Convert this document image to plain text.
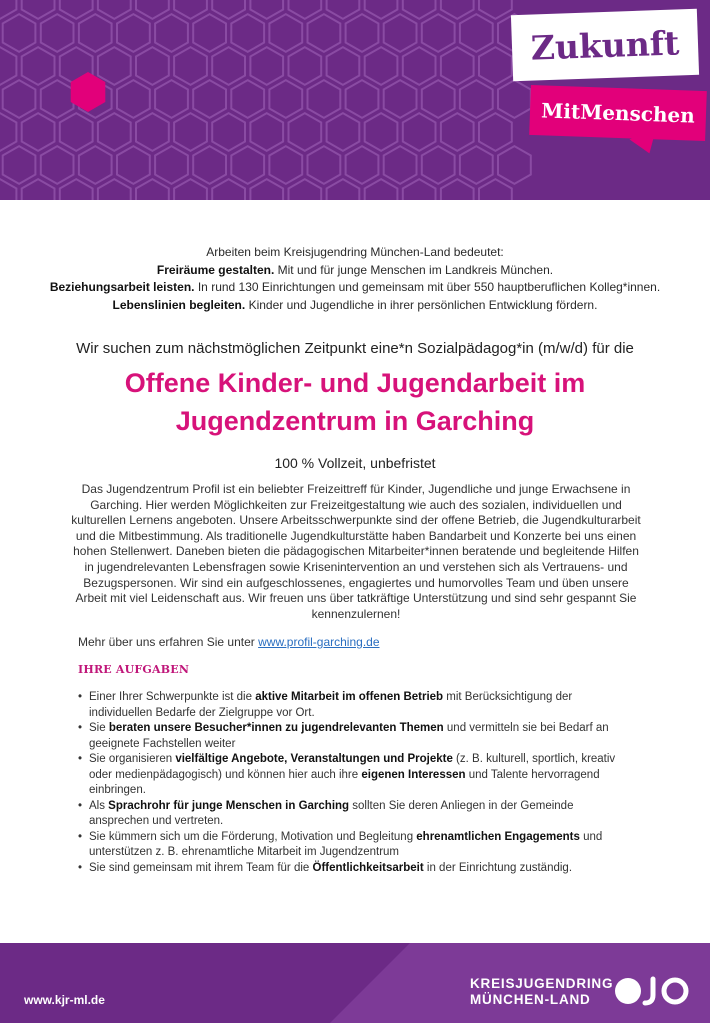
Zukunft
MitMenschen
Arbeiten beim Kreisjugendring München-Land bedeutet:
Freiräume gestalten. Mit und für junge Menschen im Landkreis München.
Beziehungsarbeit leisten. In rund 130 Einrichtungen und gemeinsam mit über 550 hauptberuflichen Kolleg*innen.
Lebenslinien begleiten. Kinder und Jugendliche in ihrer persönlichen Entwicklung fördern.
Wir suchen zum nächstmöglichen Zeitpunkt eine*n Sozialpädagog*in (m/w/d) für die
Offene Kinder- und Jugendarbeit im
Jugendzentrum in Garching
100 % Vollzeit, unbefristet
Das Jugendzentrum Profil ist ein beliebter Freizeittreff für Kinder, Jugendliche und junge Erwachsene in Garching. Hier werden Möglichkeiten zur Freizeitgestaltung wie auch des sozialen, individuellen und kulturellen Lernens angeboten. Unsere Arbeitsschwerpunkte sind der offene Betrieb, die Jugendkulturarbeit und die Mitbestimmung. Als traditionelle Jugendkulturstätte haben Bandarbeit und Konzerte bei uns einen hohen Stellenwert. Daneben bieten die pädagogischen Mitarbeiter*innen beratende und begleitende Hilfen in jugendrelevanten Lebensfragen sowie Krisenintervention an und verstehen sich als Vertrauens- und Bezugspersonen. Wir sind ein aufgeschlossenes, engagiertes und humorvolles Team und üben unsere Arbeit mit viel Leidenschaft aus. Wir freuen uns über tatkräftige Unterstützung und sind sehr gespannt Sie kennenzulernen!
Mehr über uns erfahren Sie unter www.profil-garching.de
IHRE AUFGABEN
• Einer Ihrer Schwerpunkte ist die aktive Mitarbeit im offenen Betrieb mit Berücksichtigung der individuellen Bedarfe der Zielgruppe vor Ort.
• Sie beraten unsere Besucher*innen zu jugendrelevanten Themen und vermitteln sie bei Bedarf an geeignete Fachstellen weiter
• Sie organisieren vielfältige Angebote, Veranstaltungen und Projekte (z. B. kulturell, sportlich, kreativ oder medienpädagogisch) und können hier auch ihre eigenen Interessen und Talente hervorragend einbringen.
• Als Sprachrohr für junge Menschen in Garching sollten Sie deren Anliegen in der Gemeinde ansprechen und vertreten.
• Sie kümmern sich um die Förderung, Motivation und Begleitung ehrenamtlichen Engagements und unterstützen z. B. ehrenamtliche Mitarbeit im Jugendzentrum
• Sie sind gemeinsam mit ihrem Team für die Öffentlichkeitsarbeit in der Einrichtung zuständig.
www.kjr-ml.de
KREISJUGENDRING
MÜNCHEN-LAND
